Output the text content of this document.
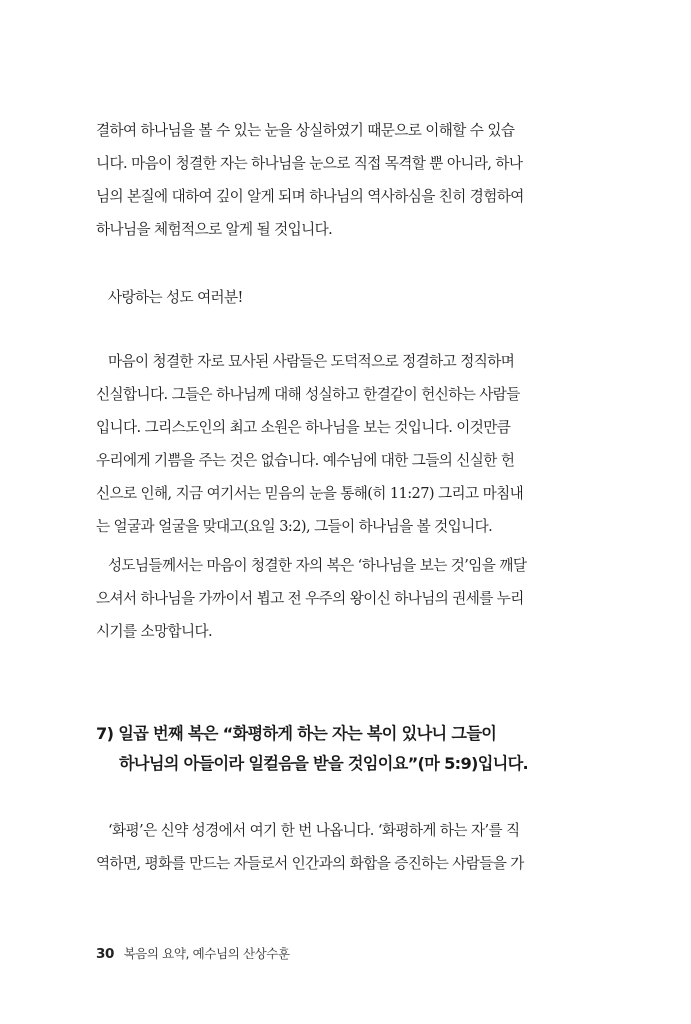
결하여 하나님을 볼 수 있는 눈을 상실하였기 때문으로 이해할 수 있습
니다. 마음이 청결한 자는 하나님을 눈으로 직접 목격할 뿐 아니라, 하나
님의 본질에 대하여 깊이 알게 되며 하나님의 역사하심을 친히 경험하여
하나님을 체험적으로 알게 될 것입니다.
사랑하는 성도 여러분!
마음이 청결한 자로 묘사된 사람들은 도덕적으로 정결하고 정직하며
신실합니다. 그들은 하나님께 대해 성실하고 한결같이 헌신하는 사람들
입니다. 그리스도인의 최고 소원은 하나님을 보는 것입니다. 이것만큼
우리에게 기쁨을 주는 것은 없습니다. 예수님에 대한 그들의 신실한 헌
신으로 인해, 지금 여기서는 믿음의 눈을 통해(히 11:27) 그리고 마침내
는 얼굴과 얼굴을 맞대고(요일 3:2), 그들이 하나님을 볼 것입니다.
성도님들께서는 마음이 청결한 자의 복은 ‘하나님을 보는 것’임을 깨달
으셔서 하나님을 가까이서 뵙고 전 우주의 왕이신 하나님의 권세를 누리
시기를 소망합니다.
7) 일곱 번째 복은 “화평하게 하는 자는 복이 있나니 그들이
하나님의 아들이라 일컬음을 받을 것임이요”(마 5:9)입니다.
‘화평’은 신약 성경에서 여기 한 번 나옵니다. ‘화평하게 하는 자’를 직
역하면, 평화를 만드는 자들로서 인간과의 화합을 증진하는 사람들을 가
30 복음의 요약, 예수님의 산상수훈
